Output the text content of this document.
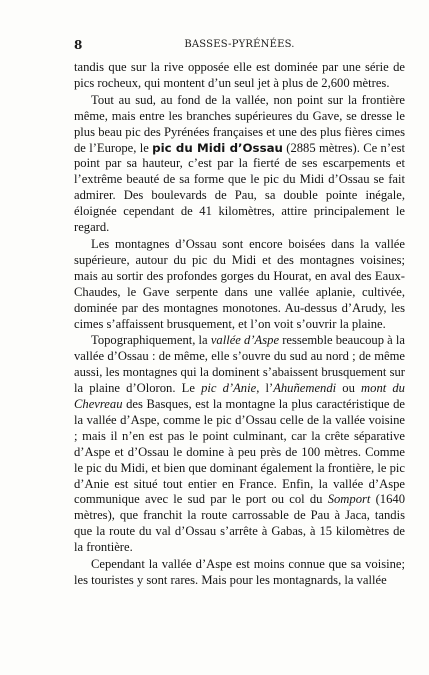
8	BASSES-PYRÉNÉES.

tandis que sur la rive opposée elle est dominée par une série de pics rocheux, qui montent d’un seul jet à plus de 2,600 mètres.

Tout au sud, au fond de la vallée, non point sur la frontière même, mais entre les branches supérieures du Gave, se dresse le plus beau pic des Pyrénées françaises et une des plus fières cimes de l’Europe, le pic du Midi d’Ossau (2885 mètres). Ce n’est point par sa hauteur, c’est par la fierté de ses escarpements et l’extrême beauté de sa forme que le pic du Midi d’Ossau se fait admirer. Des boulevards de Pau, sa double pointe inégale, éloignée cependant de 41 kilomètres, attire principalement le regard.

Les montagnes d’Ossau sont encore boisées dans la vallée supérieure, autour du pic du Midi et des montagnes voisines; mais au sortir des profondes gorges du Hourat, en aval des Eaux-Chaudes, le Gave serpente dans une vallée aplanie, cultivée, dominée par des montagnes monotones. Au-dessus d’Arudy, les cimes s’affaissent brusquement, et l’on voit s’ouvrir la plaine.

Topographiquement, la vallée d’Aspe ressemble beaucoup à la vallée d’Ossau : de même, elle s’ouvre du sud au nord ; de même aussi, les montagnes qui la dominent s’abaissent brusquement sur la plaine d’Oloron. Le pic d’Anie, l’Ahuñemendi ou mont du Chevreau des Basques, est la montagne la plus caractéristique de la vallée d’Aspe, comme le pic d’Ossau celle de la vallée voisine ; mais il n’en est pas le point culminant, car la crête séparative d’Aspe et d’Ossau le domine à peu près de 100 mètres. Comme le pic du Midi, et bien que dominant également la frontière, le pic d’Anie est situé tout entier en France. Enfin, la vallée d’Aspe communique avec le sud par le port ou col du Somport (1640 mètres), que franchit la route carrossable de Pau à Jaca, tandis que la route du val d’Ossau s’arrête à Gabas, à 15 kilomètres de la frontière.

Cependant la vallée d’Aspe est moins connue que sa voisine; les touristes y sont rares. Mais pour les montagnards, la vallée
